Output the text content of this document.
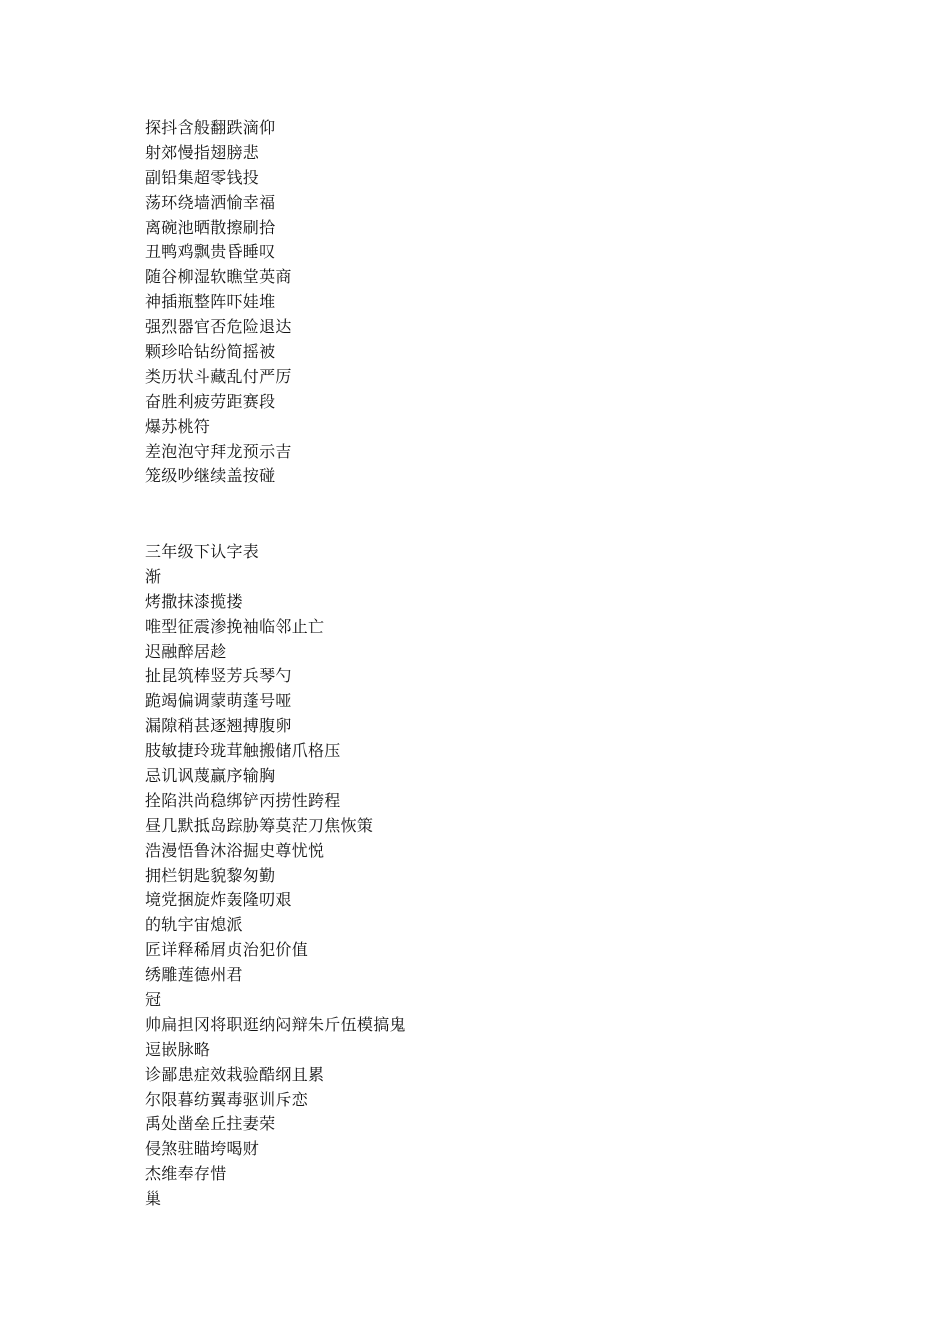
探抖含般翻跌滴仰
射郊慢指翅膀悲
副铅集超零钱投
荡环绕墙洒愉幸福
离碗池晒散擦刷拾
丑鸭鸡飘贵昏睡叹
随谷柳湿软瞧堂英商
神插瓶整阵吓娃堆
强烈器官否危险退达
颗珍哈钻纷简摇被
类历状斗藏乱付严厉
奋胜利疲劳距赛段
爆苏桃符
差泡泡守拜龙预示吉
笼级吵继续盖按碰
三年级下认字表
渐
烤撒抹漆揽搂
唯型征震渗挽袖临邻止亡
迟融醉居趁
扯昆筑棒竖芳兵琴勺
跪竭偏调蒙萌蓬号哑
漏隙稍甚逐翘搏腹卵
肢敏捷玲珑茸触搬储爪格压
忌讥讽蔑赢序输胸
拴陷洪尚稳绑铲丙捞性跨程
昼几默抵岛踪胁筹莫茫刀焦恢策
浩漫悟鲁沐浴掘史尊忧悦
拥栏钥匙貌黎匆勤
境党捆旋炸轰隆叨艰
的轨宇宙熄派
匠详释稀屑贞治犯价值
绣雕莲德州君
冠
帅扁担冈将职逛纳闷辩朱斤伍模搞鬼
逗嵌脉略
诊鄙患症效栽验酷纲且累
尔限暮纺翼毒驱训斥恋
禹处凿垒丘拄妻荣
侵煞驻瞄垮喝财
杰维奉存惜
巢
